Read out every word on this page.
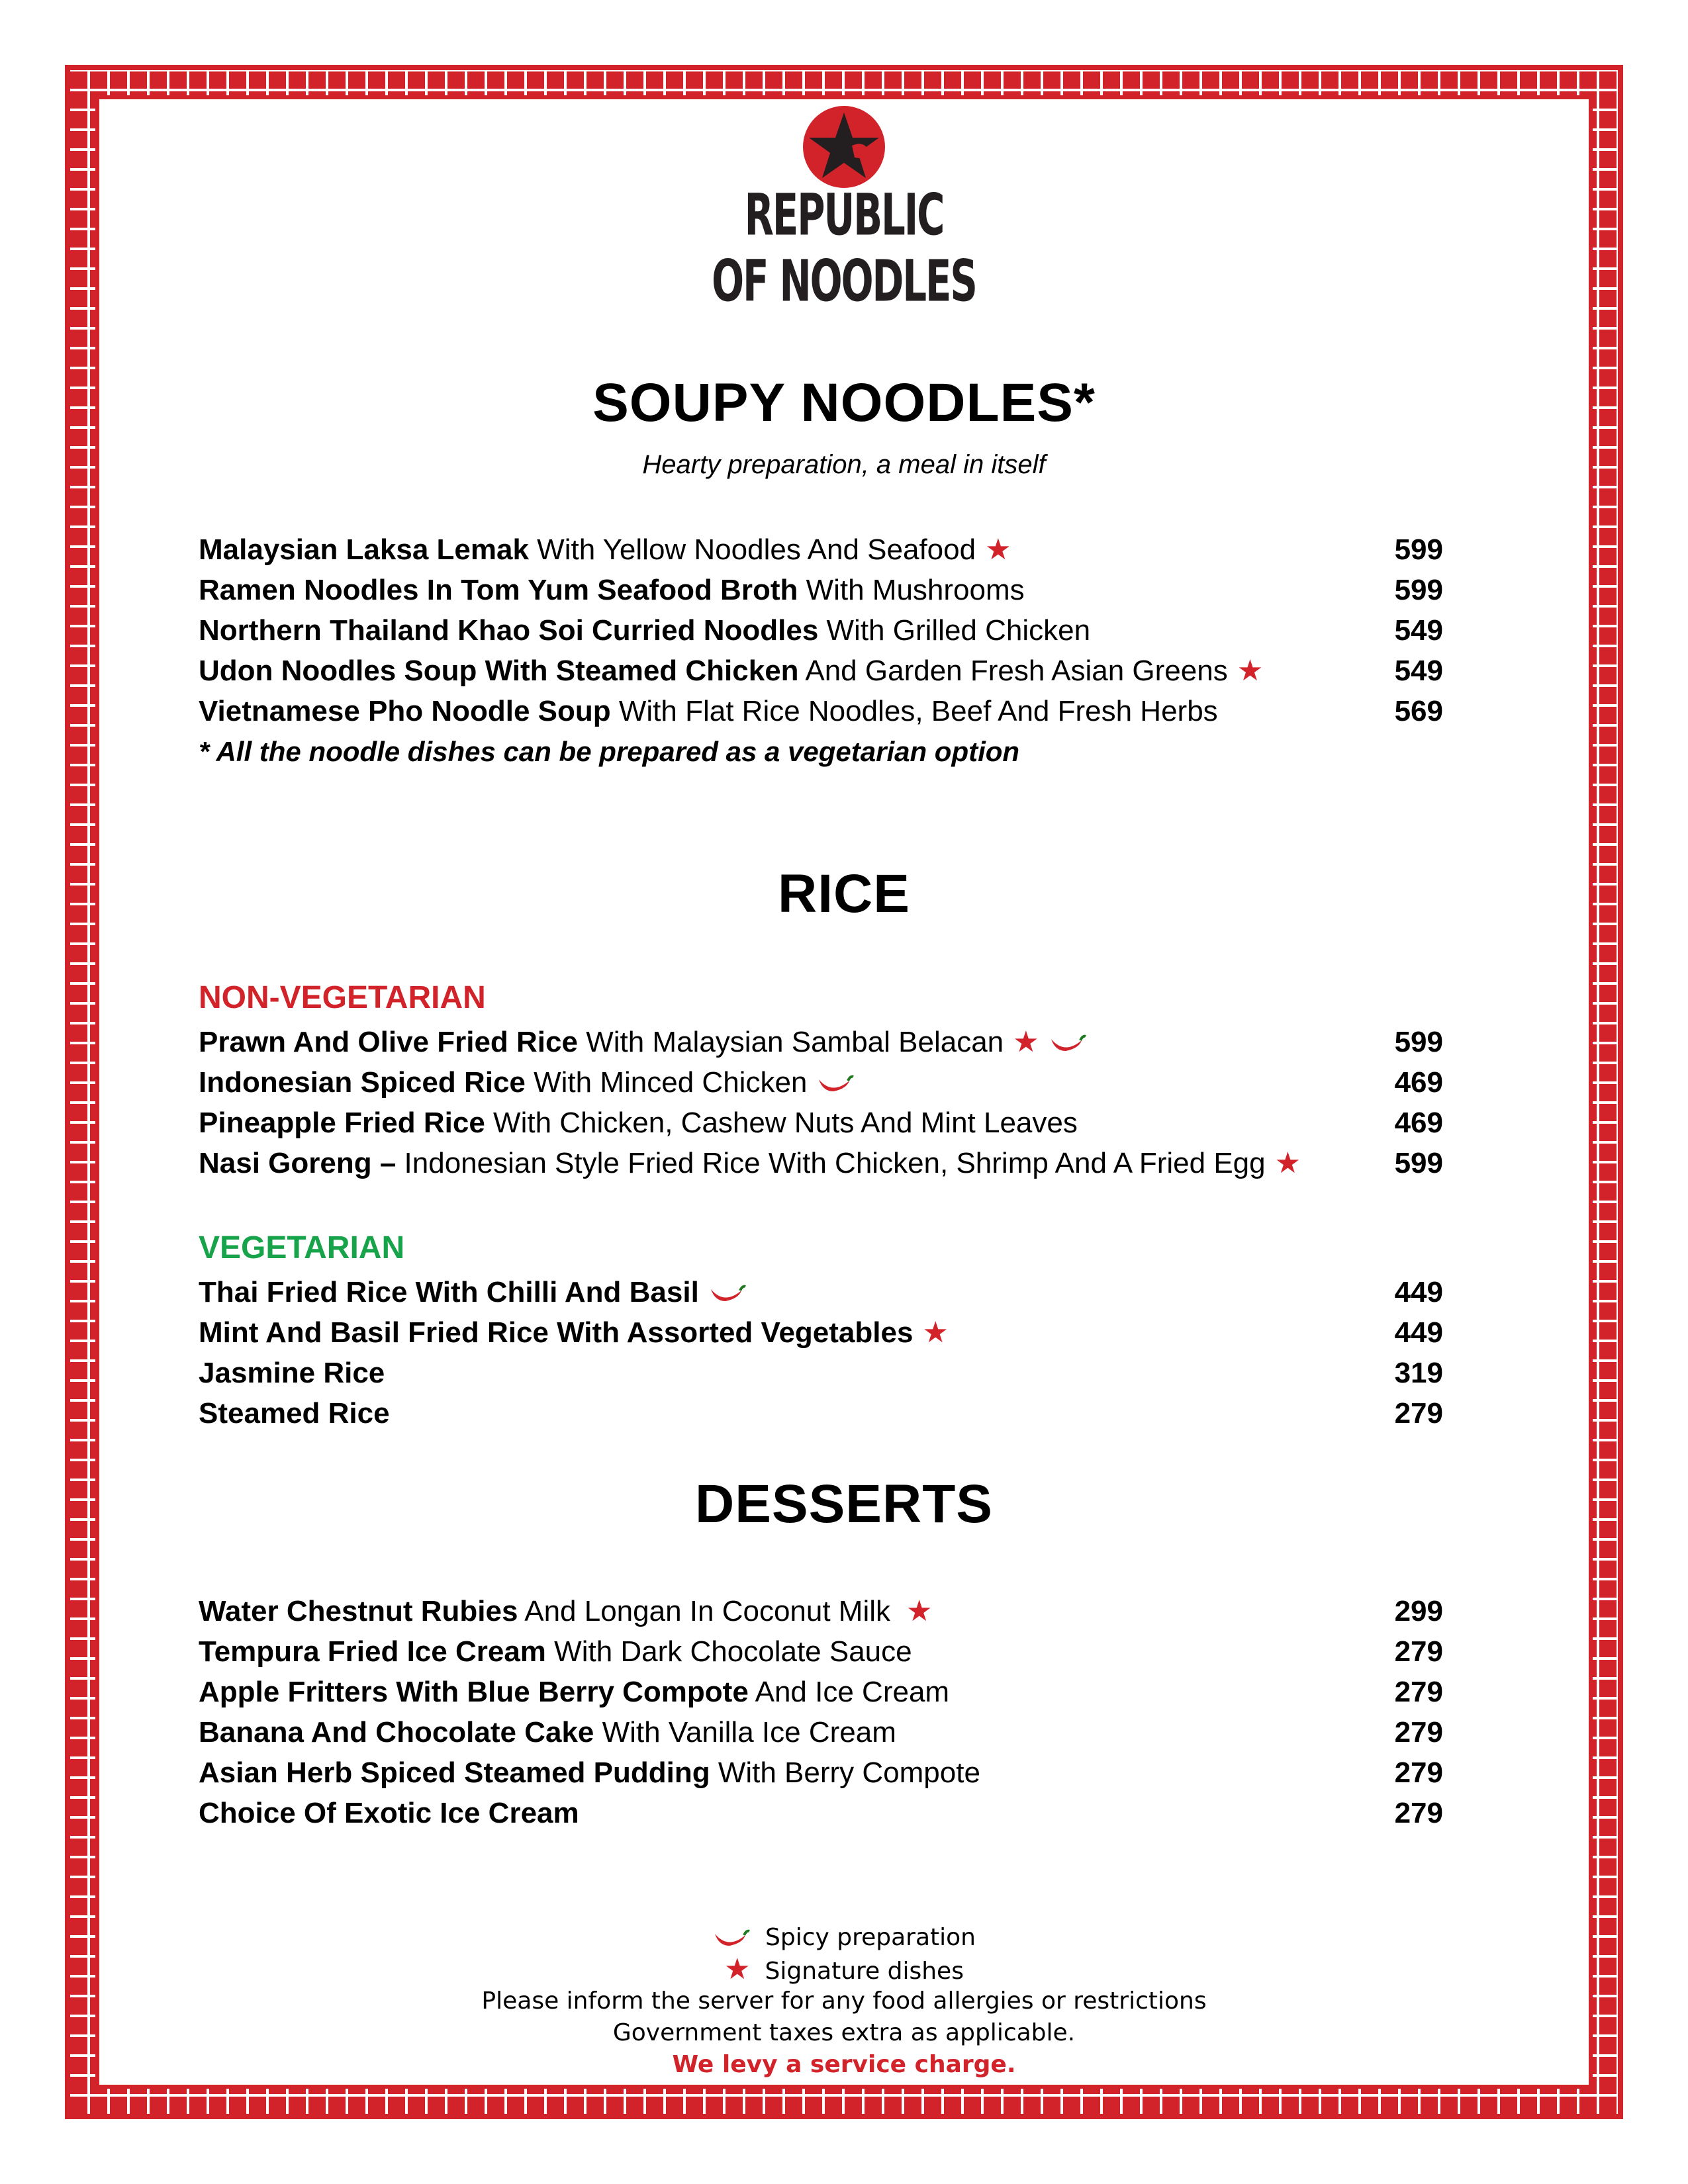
REPUBLIC OF NOODLES
SOUPY NOODLES*
Hearty preparation, a meal in itself
Malaysian Laksa Lemak With Yellow Noodles And Seafood ★	599
Ramen Noodles In Tom Yum Seafood Broth With Mushrooms	599
Northern Thailand Khao Soi Curried Noodles With Grilled Chicken	549
Udon Noodles Soup With Steamed Chicken And Garden Fresh Asian Greens ★	549
Vietnamese Pho Noodle Soup With Flat Rice Noodles, Beef And Fresh Herbs	569
* All the noodle dishes can be prepared as a vegetarian option
RICE
NON-VEGETARIAN
Prawn And Olive Fried Rice With Malaysian Sambal Belacan ★	599
Indonesian Spiced Rice With Minced Chicken	469
Pineapple Fried Rice With Chicken, Cashew Nuts And Mint Leaves	469
Nasi Goreng – Indonesian Style Fried Rice With Chicken, Shrimp And A Fried Egg ★	599
VEGETARIAN
Thai Fried Rice With Chilli And Basil	449
Mint And Basil Fried Rice With Assorted Vegetables ★	449
Jasmine Rice	319
Steamed Rice	279
DESSERTS
Water Chestnut Rubies And Longan In Coconut Milk ★	299
Tempura Fried Ice Cream With Dark Chocolate Sauce	279
Apple Fritters With Blue Berry Compote And Ice Cream	279
Banana And Chocolate Cake With Vanilla Ice Cream	279
Asian Herb Spiced Steamed Pudding With Berry Compote	279
Choice Of Exotic Ice Cream	279
Spicy preparation
★ Signature dishes
Please inform the server for any food allergies or restrictions
Government taxes extra as applicable.
We levy a service charge.
